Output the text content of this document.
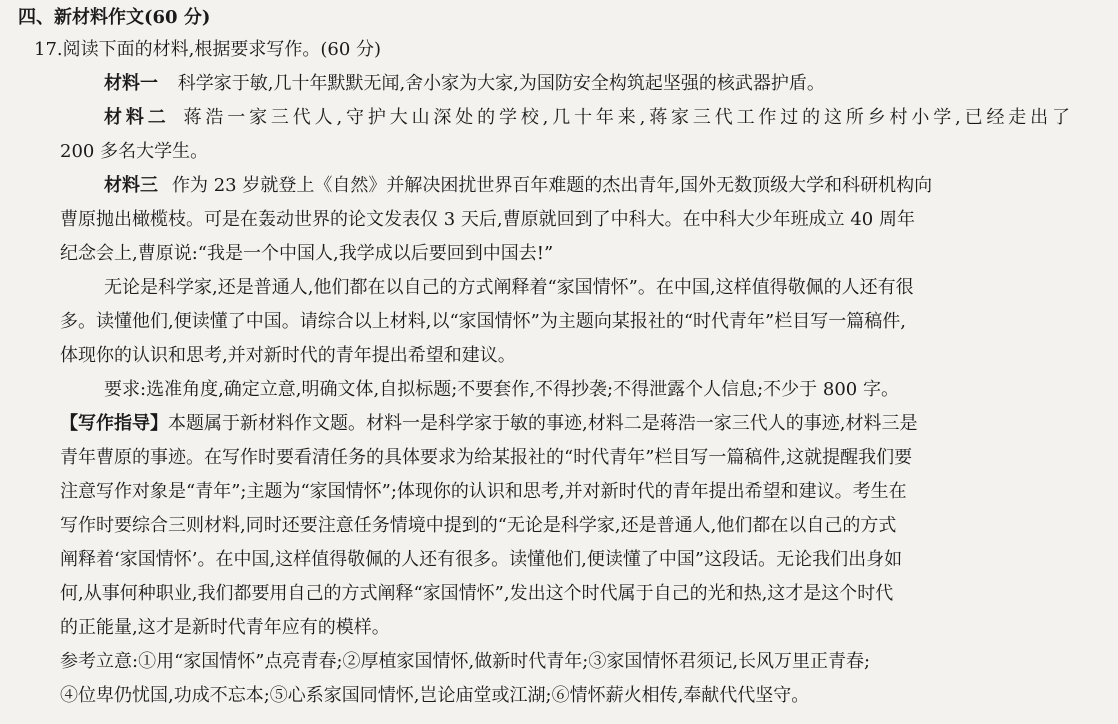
四、新材料作文(60 分)
17.阅读下面的材料,根据要求写作。(60 分)
材料一 科学家于敏,几十年默默无闻,舍小家为大家,为国防安全构筑起坚强的核武器护盾。
材料二 蒋浩一家三代人,守护大山深处的学校,几十年来,蒋家三代工作过的这所乡村小学,已经走出了
200 多名大学生。
材料三 作为 23 岁就登上《自然》并解决困扰世界百年难题的杰出青年,国外无数顶级大学和科研机构向
曹原抛出橄榄枝。可是在轰动世界的论文发表仅 3 天后,曹原就回到了中科大。在中科大少年班成立 40 周年
纪念会上,曹原说:“我是一个中国人,我学成以后要回到中国去!”
无论是科学家,还是普通人,他们都在以自己的方式阐释着“家国情怀”。在中国,这样值得敬佩的人还有很
多。读懂他们,便读懂了中国。请综合以上材料,以“家国情怀”为主题向某报社的“时代青年”栏目写一篇稿件,
体现你的认识和思考,并对新时代的青年提出希望和建议。
要求:选准角度,确定立意,明确文体,自拟标题;不要套作,不得抄袭;不得泄露个人信息;不少于 800 字。
【写作指导】本题属于新材料作文题。材料一是科学家于敏的事迹,材料二是蒋浩一家三代人的事迹,材料三是
青年曹原的事迹。在写作时要看清任务的具体要求为给某报社的“时代青年”栏目写一篇稿件,这就提醒我们要
注意写作对象是“青年”;主题为“家国情怀”;体现你的认识和思考,并对新时代的青年提出希望和建议。考生在
写作时要综合三则材料,同时还要注意任务情境中提到的“无论是科学家,还是普通人,他们都在以自己的方式
阐释着‘家国情怀’。在中国,这样值得敬佩的人还有很多。读懂他们,便读懂了中国”这段话。无论我们出身如
何,从事何种职业,我们都要用自己的方式阐释“家国情怀”,发出这个时代属于自己的光和热,这才是这个时代
的正能量,这才是新时代青年应有的模样。
参考立意:①用“家国情怀”点亮青春;②厚植家国情怀,做新时代青年;③家国情怀君须记,长风万里正青春;
④位卑仍忧国,功成不忘本;⑤心系家国同情怀,岂论庙堂或江湖;⑥情怀薪火相传,奉献代代坚守。
